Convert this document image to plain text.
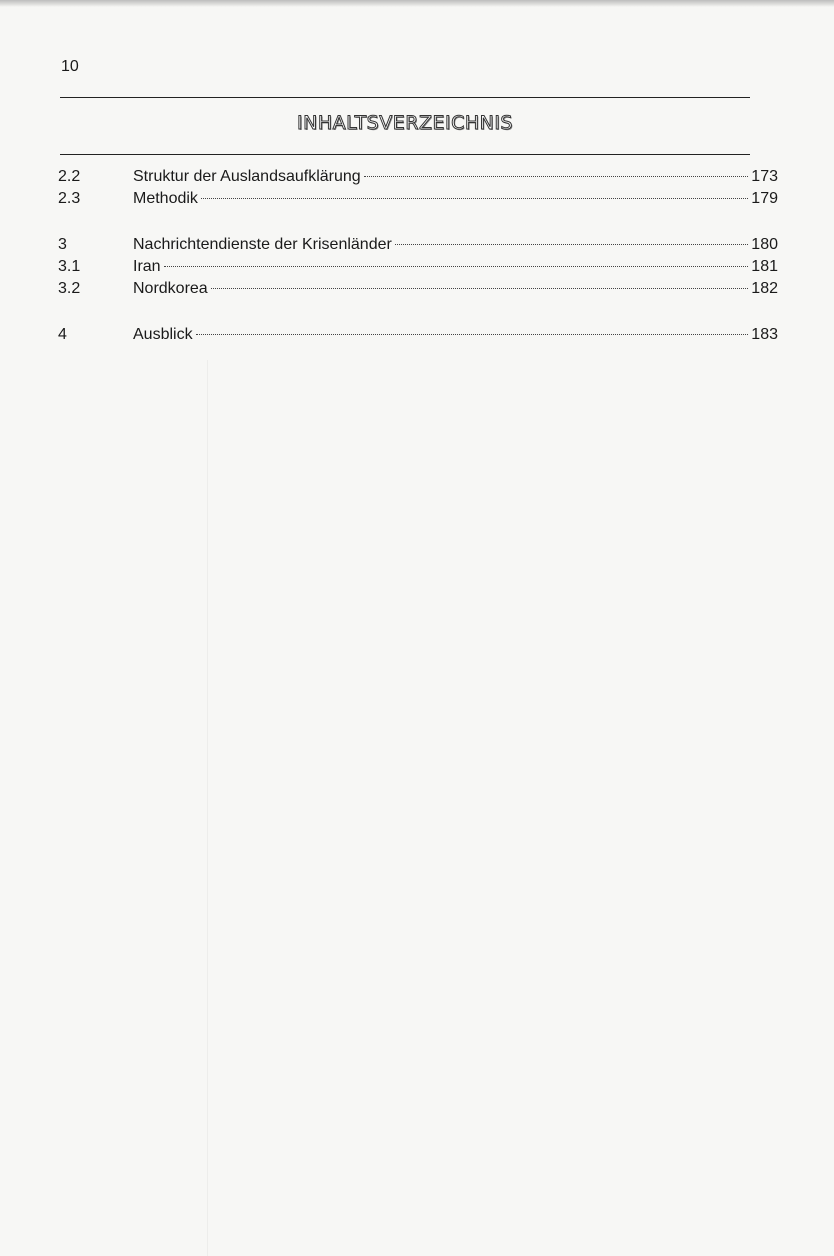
10
INHALTSVERZEICHNIS
2.2	Struktur der Auslandsaufklärung	173
2.3	Methodik	179
3	Nachrichtendienste der Krisenländer	180
3.1	Iran	181
3.2	Nordkorea	182
4	Ausblick	183
